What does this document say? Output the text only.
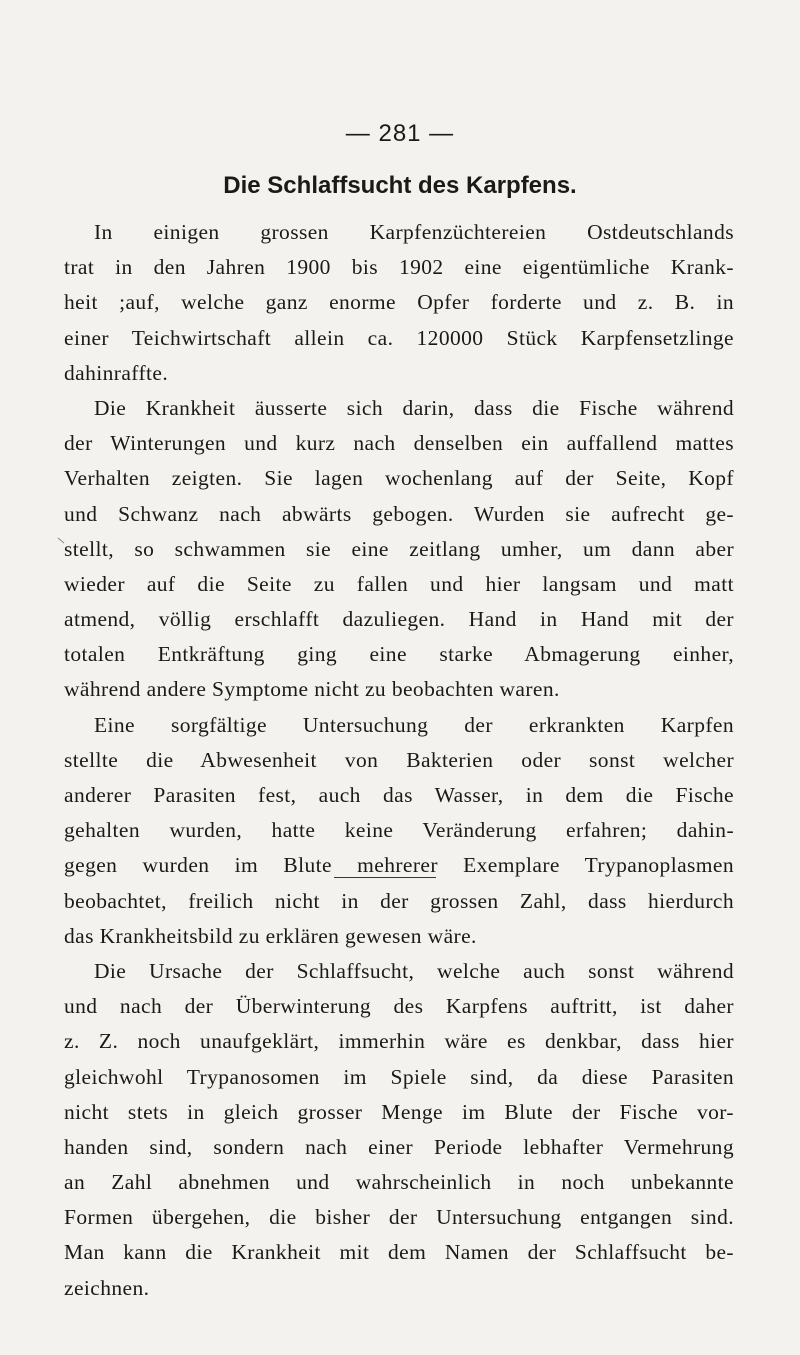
— 281 —
Die Schlaffsucht des Karpfens.
In einigen grossen Karpfenzüchtereien Ostdeutschlands
trat in den Jahren 1900 bis 1902 eine eigentümliche Krank-
heit ;auf, welche ganz enorme Opfer forderte und z. B. in
einer Teichwirtschaft allein ca. 120000 Stück Karpfensetzlinge
dahinraffte.
Die Krankheit äusserte sich darin, dass die Fische während
der Winterungen und kurz nach denselben ein auffallend mattes
Verhalten zeigten. Sie lagen wochenlang auf der Seite, Kopf
und Schwanz nach abwärts gebogen. Wurden sie aufrecht ge-
stellt, so schwammen sie eine zeitlang umher, um dann aber
wieder auf die Seite zu fallen und hier langsam und matt
atmend, völlig erschlafft dazuliegen. Hand in Hand mit der
totalen Entkräftung ging eine starke Abmagerung einher,
während andere Symptome nicht zu beobachten waren.
Eine sorgfältige Untersuchung der erkrankten Karpfen
stellte die Abwesenheit von Bakterien oder sonst welcher
anderer Parasiten fest, auch das Wasser, in dem die Fische
gehalten wurden, hatte keine Veränderung erfahren; dahin-
gegen wurden im Blute mehrerer Exemplare Trypanoplasmen
beobachtet, freilich nicht in der grossen Zahl, dass hierdurch
das Krankheitsbild zu erklären gewesen wäre.
Die Ursache der Schlaffsucht, welche auch sonst während
und nach der Überwinterung des Karpfens auftritt, ist daher
z. Z. noch unaufgeklärt, immerhin wäre es denkbar, dass hier
gleichwohl Trypanosomen im Spiele sind, da diese Parasiten
nicht stets in gleich grosser Menge im Blute der Fische vor-
handen sind, sondern nach einer Periode lebhafter Vermehrung
an Zahl abnehmen und wahrscheinlich in noch unbekannte
Formen übergehen, die bisher der Untersuchung entgangen sind.
Man kann die Krankheit mit dem Namen der Schlaffsucht be-
zeichnen.
